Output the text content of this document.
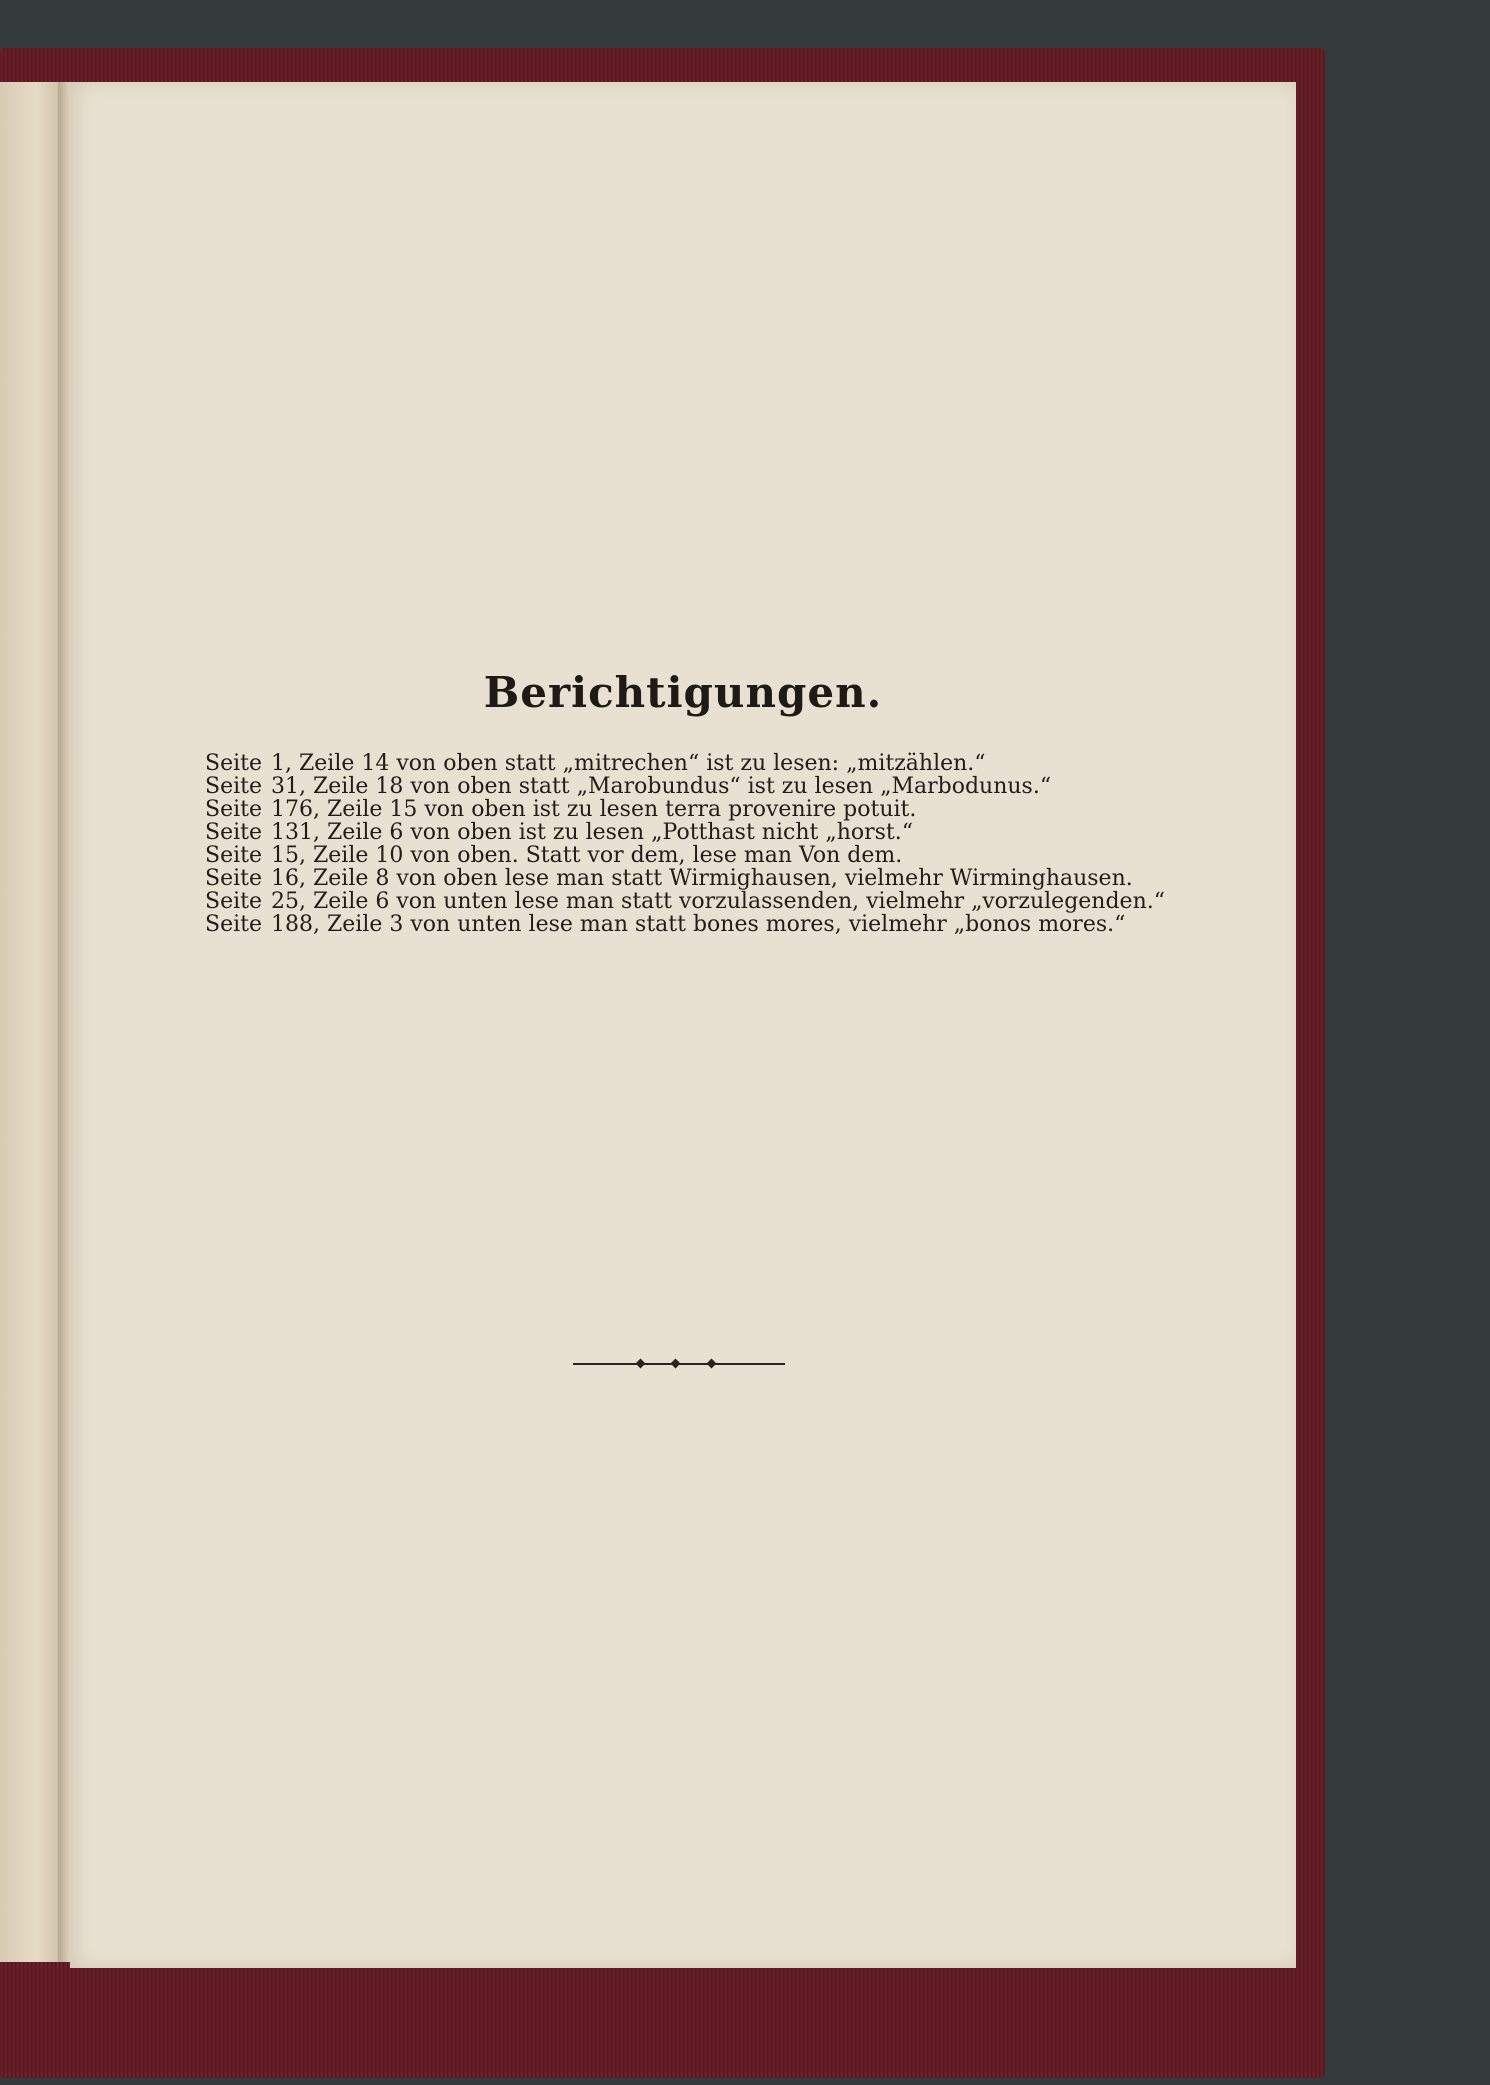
Berichtigungen.
Seite 1, Zeile 14 von oben statt „mitrechen“ ist zu lesen: „mitzählen.“
Seite 31, Zeile 18 von oben statt „Marobundus“ ist zu lesen „Marbodunus.“
Seite 176, Zeile 15 von oben ist zu lesen terra provenire potuit.
Seite 131, Zeile 6 von oben ist zu lesen „Potthast nicht „horst.“
Seite 15, Zeile 10 von oben. Statt vor dem, lese man Von dem.
Seite 16, Zeile 8 von oben lese man statt Wirmighausen, vielmehr Wirminghausen.
Seite 25, Zeile 6 von unten lese man statt vorzulassenden, vielmehr „vorzulegenden.“
Seite 188, Zeile 3 von unten lese man statt bones mores, vielmehr „bonos mores.“
